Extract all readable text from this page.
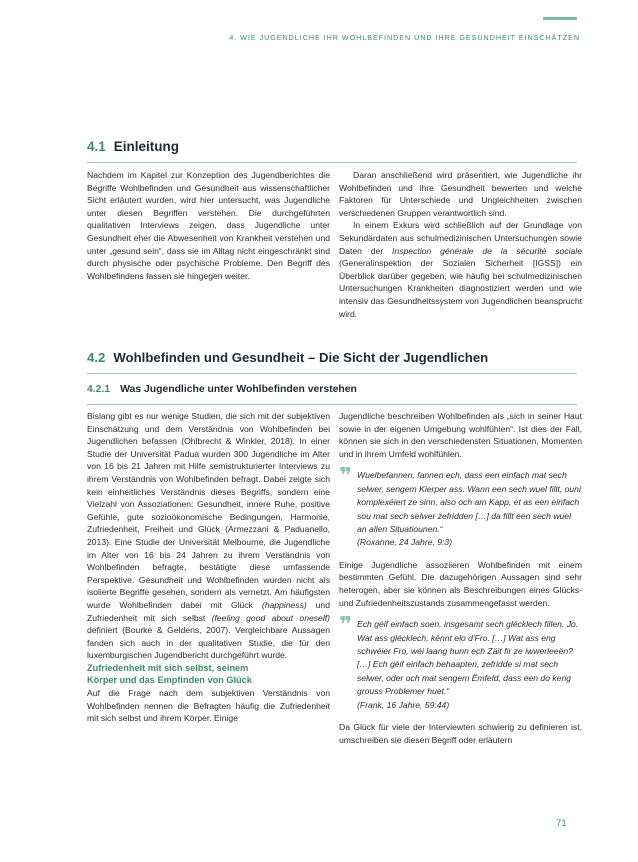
4. WIE JUGENDLICHE IHR WOHLBEFINDEN UND IHRE GESUNDHEIT EINSCHÄTZEN
4.1 Einleitung

Nachdem im Kapitel zur Konzeption des Jugendberichtes die Begriffe Wohlbefinden und Gesundheit aus wissenschaftlicher Sicht erläutert wurden, wird hier untersucht, was Jugendliche unter diesen Begriffen verstehen. Die durchgeführten qualitativen Interviews zeigen, dass Jugendliche unter Gesundheit eher die Abwesenheit von Krankheit verstehen und unter „gesund sein“, dass sie im Alltag nicht eingeschränkt sind durch physische oder psychische Probleme. Den Begriff des Wohlbefindens fassen sie hingegen weiter.

Daran anschließend wird präsentiert, wie Jugendliche ihr Wohlbefinden und ihre Gesundheit bewerten und welche Faktoren für Unterschiede und Ungleichheiten zwischen verschiedenen Gruppen verantwortlich sind.

In einem Exkurs wird schließlich auf der Grundlage von Sekundärdaten aus schulmedizinischen Untersuchungen sowie Daten der Inspection générale de la sécurité sociale (Generalinspektion der Sozialen Sicherheit [IGSS]) ein Überblick darüber gegeben, wie häufig bei schulmedizinischen Untersuchungen Krankheiten diagnostiziert werden und wie intensiv das Gesundheitssystem von Jugendlichen beansprucht wird.

4.2 Wohlbefinden und Gesundheit – Die Sicht der Jugendlichen
4.2.1 Was Jugendliche unter Wohlbefinden verstehen

Bislang gibt es nur wenige Studien, die sich mit der subjektiven Einschätzung und dem Verständnis von Wohlbefinden bei Jugendlichen befassen (Ohlbrecht & Winkler, 2018). In einer Studie der Universität Padua wurden 300 Jugendliche im Alter von 16 bis 21 Jahren mit Hilfe semistrukturierter Interviews zu ihrem Verständnis von Wohlbefinden befragt. Dabei zeigte sich kein einheitliches Verständnis dieses Begriffs, sondern eine Vielzahl von Assoziationen: Gesundheit, innere Ruhe, positive Gefühle, gute sozioökonomische Bedingungen, Harmonie, Zufriedenheit, Freiheit und Glück (Armezzani & Paduanello, 2013). Eine Studie der Universität Melbourne, die Jugendliche im Alter von 16 bis 24 Jahren zu ihrem Verständnis von Wohlbefinden befragte, bestätigte diese umfassende Perspektive. Gesundheit und Wohlbefinden wurden nicht als isolierte Begriffe gesehen, sondern als vernetzt. Am häufigsten wurde Wohlbefinden dabei mit Glück (happiness) und Zufriedenheit mit sich selbst (feeling good about oneself) definiert (Bourke & Geldens, 2007). Vergleichbare Aussagen fanden sich auch in der qualitativen Studie, die für den luxemburgischen Jugendbericht durchgeführt wurde.

Zufriedenheit mit sich selbst, seinem
Körper und das Empfinden von Glück

Auf die Frage nach dem subjektiven Verständnis von Wohlbefinden nennen die Befragten häufig die Zufriedenheit mit sich selbst und ihrem Körper. Einige

Jugendliche beschreiben Wohlbefinden als „sich in seiner Haut sowie in der eigenen Umgebung wohlfühlen“. Ist dies der Fall, können sie sich in den verschiedensten Situationen, Momenten und in ihrem Umfeld wohlfühlen.

❞ Wuelbefannen, fannen ech, dass een einfach mat sech selwer, sengem Kierper ass. Wann een sech wuel fillt, ouni komplexéiert ze sinn, also och am Kapp, et as een einfach sou mat sech selwer zefridden […] da fillt een sech wuel an allen Situatiounen.“
(Roxanne, 24 Jahre, 9:3)

Einige Jugendliche assoziieren Wohlbefinden mit einem bestimmten Gefühl. Die dazugehörigen Aussagen sind sehr heterogen, aber sie können als Beschreibungen eines Glücks- und Zufriedenheitszustands zusammengefasst werden.

❞ Ech géif einfach soen, insgesamt sech glécklech fillen. Jo. Wat ass glécklech, kënnt elo d'Fro. […] Wat ass eng schwéier Fro, wéi laang hunn ech Zäit fir ze iwwerleeën? […] Ech géif einfach behaapten, zefridde si mat sech selwer, oder och mat sengem Ëmfeld, dass een do keng grouss Problemer huet.“
(Frank, 16 Jahre, 59:44)

Da Glück für viele der Interviewten schwierig zu definieren ist, umschreiben sie diesen Begriff oder erläutern

71
